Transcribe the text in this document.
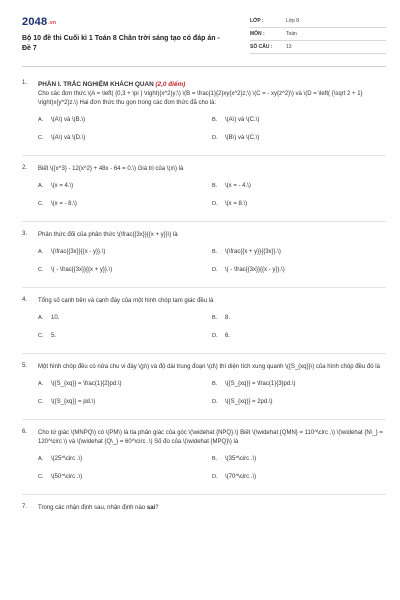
2048.vn
Bộ 10 đề thi Cuối kì 1 Toán 8 Chân trời sáng tạo có đáp án - Đề 7
LỚP :	Lớp 8
MÔN :	Toán
SỐ CÂU :	13
1. PHẦN I. TRẮC NGHIỆM KHÁCH QUAN (2,0 điểm)
Cho các đơn thức \(A = \left( {0,3 + \pi } \right){x^2}y;\) \(B = \frac{1}{2}xy{x^2}z;\) \(C = - xy{z^2}\) và \(D = \left( {\sqrt 2 + 1} \right)x{y^2}z.\) Hai đơn thức thu gọn trong các đơn thức đã cho là:
A. \(A\) và \(B.\)	B. \(A\) và \(C.\)
C. \(A\) và \(D.\)	D. \(B\) và \(C.\)
2. Biết \({x^3} - 12{x^2} + 48x - 64 = 0.\) Giá trị của \(x\) là
A. \(x = 4.\)	B. \(x = - 4.\)
C. \(x = - 8.\)	D. \(x = 8.\)
3. Phân thức đối của phân thức \(\frac{{3x}}{{x + y}}\) là
A. \(\frac{{3x}}{{x - y}}.\)	B. \(\frac{{x + y}}{{3x}}.\)
C. \( - \frac{{3x}}{{x + y}}.\)	D. \( - \frac{{3x}}{{x - y}}.\)
4. Tổng số cạnh bên và cạnh đáy của một hình chóp tam giác đều là
A. 10.	B. 8.
C. 5.	D. 6.
5. Một hình chóp đều có nửa chu vi đáy \(p\) và độ dài trung đoạn \(d\) thì diện tích xung quanh \({S_{xq}}\) của hình chóp đều đó là
A. \({S_{xq}} = \frac{1}{2}pd.\)	B. \({S_{xq}} = \frac{1}{3}pd.\)
C. \({S_{xq}} = pd.\)	D. \({S_{xq}} = 2pd.\)
6. Cho tứ giác \(MNPQ\) có \(PM\) là tia phân giác của góc \(\widehat {NPQ}.\) Biết \(\widehat {QMN} = 110^\circ ,\) \(\widehat {N\_} = 120^\circ \) và \(\widehat {Q\_} = 60^\circ .\) Số đo của \(\widehat {MPQ}\) là
A. \(25^\circ .\)	B. \(35^\circ .\)
C. \(50^\circ .\)	D. \(70^\circ .\)
7. Trong các nhận định sau, nhận định nào sai?
